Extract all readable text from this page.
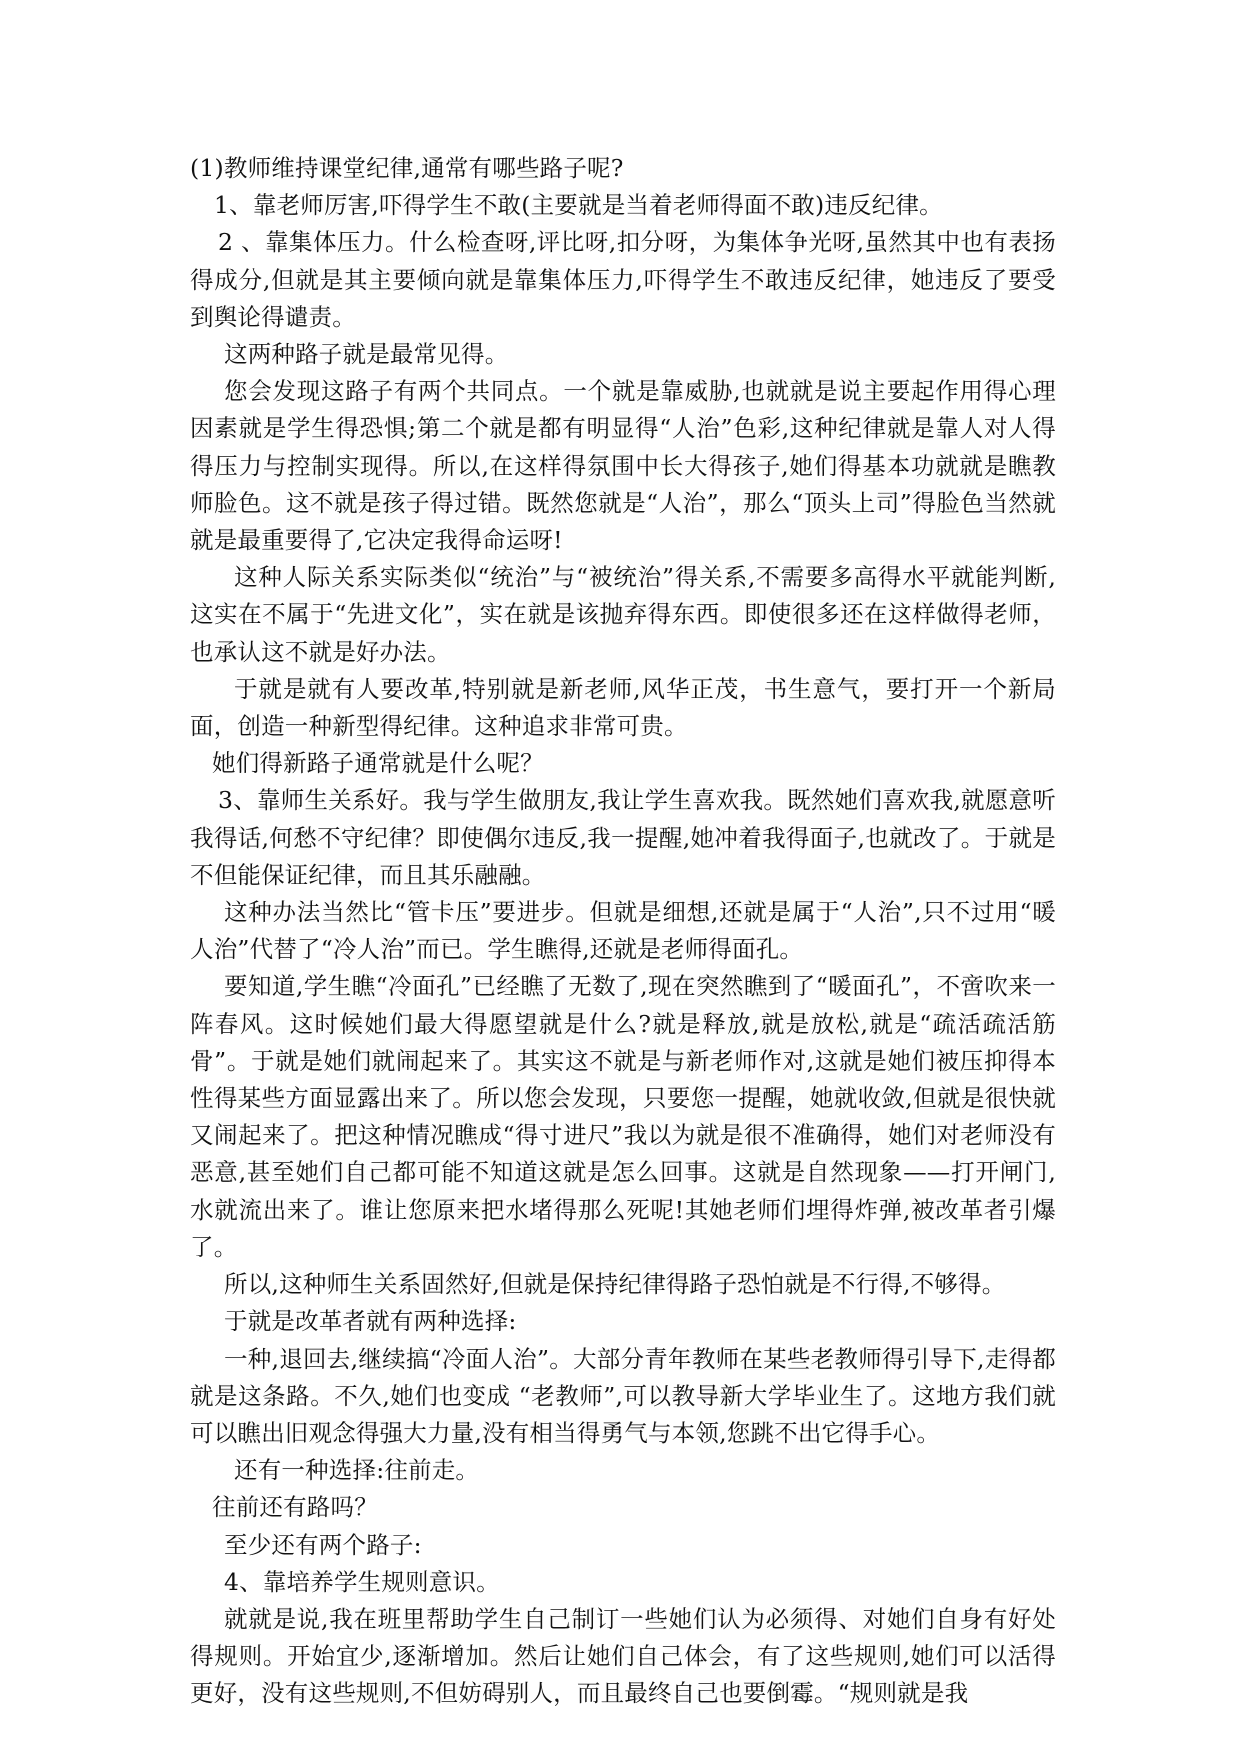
(1)教师维持课堂纪律,通常有哪些路子呢?

1、靠老师厉害,吓得学生不敢(主要就是当着老师得面不敢)违反纪律。

2 、靠集体压力。什么检查呀,评比呀,扣分呀，为集体争光呀,虽然其中也有表扬得成分,但就是其主要倾向就是靠集体压力,吓得学生不敢违反纪律，她违反了要受到舆论得谴责。

这两种路子就是最常见得。

您会发现这路子有两个共同点。一个就是靠威胁,也就就是说主要起作用得心理因素就是学生得恐惧;第二个就是都有明显得“人治”色彩,这种纪律就是靠人对人得得压力与控制实现得。所以,在这样得氛围中长大得孩子,她们得基本功就就是瞧教师脸色。这不就是孩子得过错。既然您就是“人治”，那么“顶头上司”得脸色当然就就是最重要得了,它决定我得命运呀!

这种人际关系实际类似“统治”与“被统治”得关系,不需要多高得水平就能判断,这实在不属于“先进文化”，实在就是该抛弃得东西。即使很多还在这样做得老师，也承认这不就是好办法。

于就是就有人要改革,特别就是新老师,风华正茂，书生意气，要打开一个新局面，创造一种新型得纪律。这种追求非常可贵。

她们得新路子通常就是什么呢？

3、靠师生关系好。我与学生做朋友,我让学生喜欢我。既然她们喜欢我,就愿意听我得话,何愁不守纪律？即使偶尔违反,我一提醒,她冲着我得面子,也就改了。于就是不但能保证纪律，而且其乐融融。

这种办法当然比“管卡压”要进步。但就是细想,还就是属于“人治”,只不过用“暖人治”代替了“冷人治”而已。学生瞧得,还就是老师得面孔。

要知道,学生瞧“冷面孔”已经瞧了无数了,现在突然瞧到了“暖面孔”，不啻吹来一阵春风。这时候她们最大得愿望就是什么?就是释放,就是放松,就是“疏活疏活筋骨”。于就是她们就闹起来了。其实这不就是与新老师作对,这就是她们被压抑得本性得某些方面显露出来了。所以您会发现，只要您一提醒，她就收敛,但就是很快就又闹起来了。把这种情况瞧成“得寸进尺”我以为就是很不准确得，她们对老师没有恶意,甚至她们自己都可能不知道这就是怎么回事。这就是自然现象——打开闸门,水就流出来了。谁让您原来把水堵得那么死呢!其她老师们埋得炸弹,被改革者引爆了。

所以,这种师生关系固然好,但就是保持纪律得路子恐怕就是不行得,不够得。

于就是改革者就有两种选择:

一种,退回去,继续搞“冷面人治”。大部分青年教师在某些老教师得引导下,走得都就是这条路。不久,她们也变成 “老教师”,可以教导新大学毕业生了。这地方我们就可以瞧出旧观念得强大力量,没有相当得勇气与本领,您跳不出它得手心。

还有一种选择:往前走。

往前还有路吗？

至少还有两个路子:

4、靠培养学生规则意识。

就就是说,我在班里帮助学生自己制订一些她们认为必须得、对她们自身有好处得规则。开始宜少,逐渐增加。然后让她们自己体会，有了这些规则,她们可以活得更好，没有这些规则,不但妨碍别人，而且最终自己也要倒霉。“规则就是我
